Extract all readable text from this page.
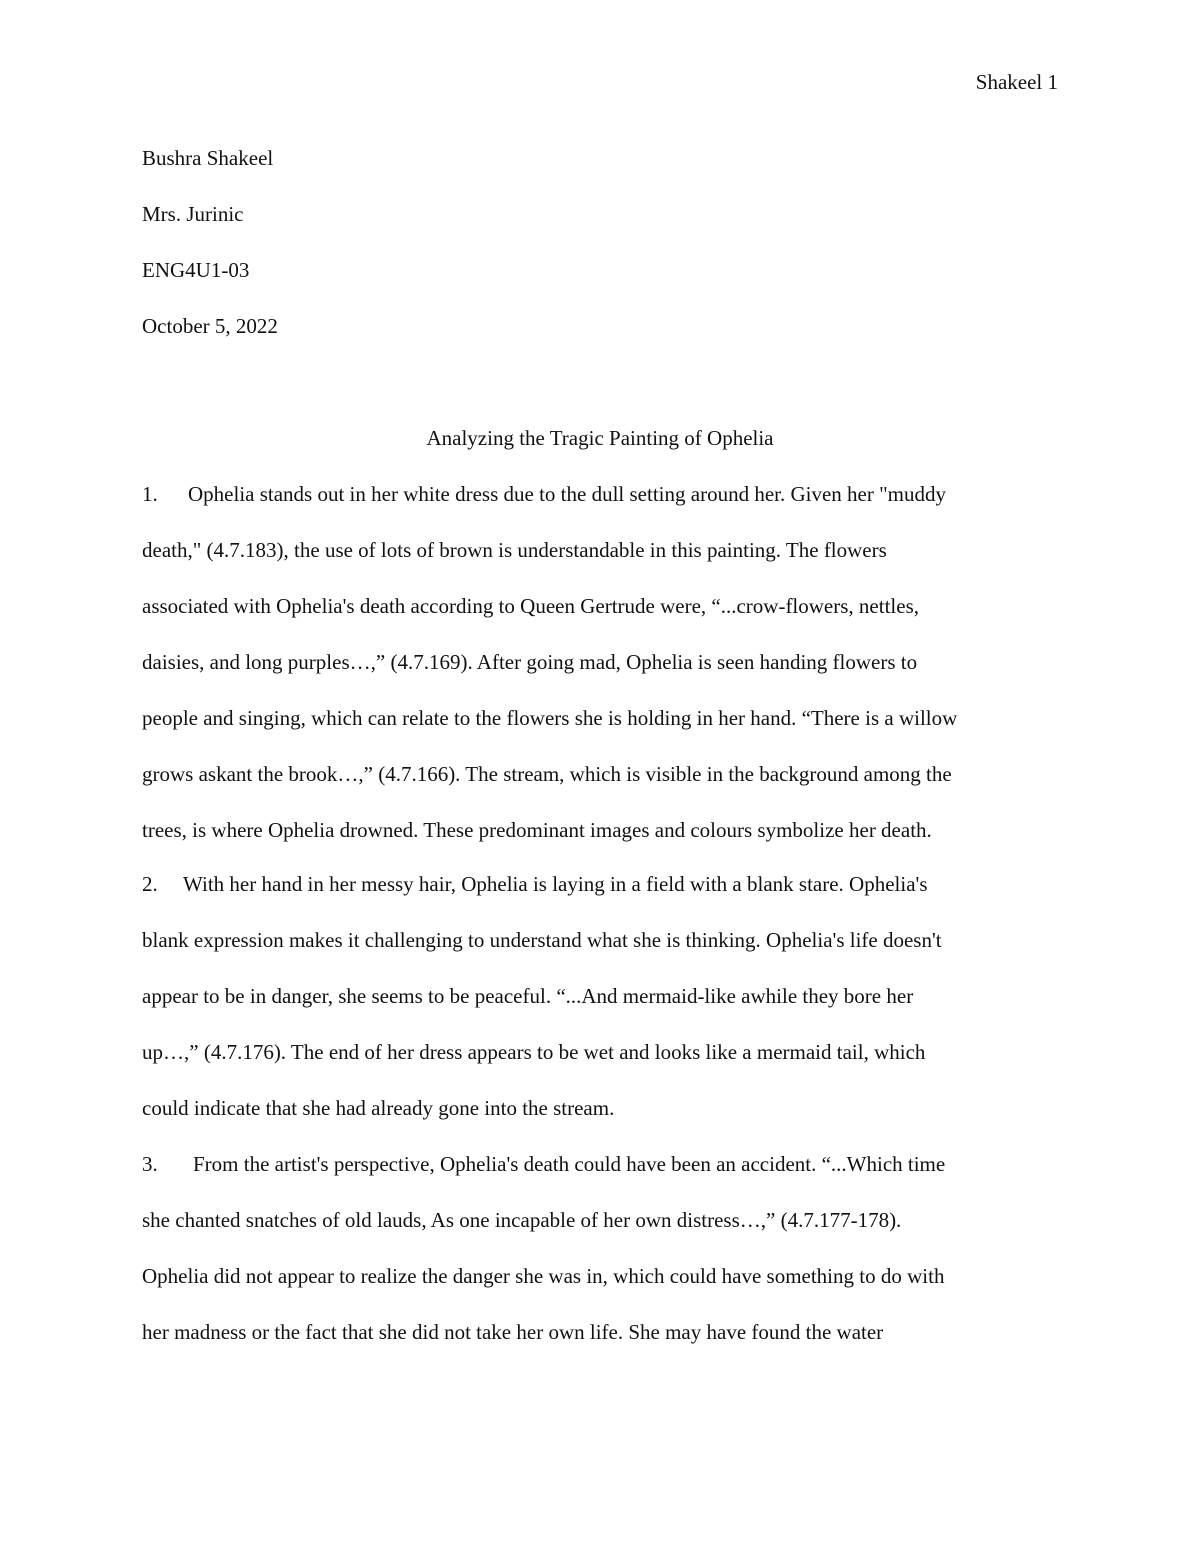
Shakeel 1
Bushra Shakeel
Mrs. Jurinic
ENG4U1-03
October 5, 2022
Analyzing the Tragic Painting of Ophelia
1. Ophelia stands out in her white dress due to the dull setting around her. Given her "muddy
death," (4.7.183), the use of lots of brown is understandable in this painting. The flowers
associated with Ophelia's death according to Queen Gertrude were, “...crow-flowers, nettles,
daisies, and long purples…,” (4.7.169). After going mad, Ophelia is seen handing flowers to
people and singing, which can relate to the flowers she is holding in her hand. “There is a willow
grows askant the brook…,” (4.7.166). The stream, which is visible in the background among the
trees, is where Ophelia drowned. These predominant images and colours symbolize her death.
2. With her hand in her messy hair, Ophelia is laying in a field with a blank stare. Ophelia's
blank expression makes it challenging to understand what she is thinking. Ophelia's life doesn't
appear to be in danger, she seems to be peaceful. “...And mermaid-like awhile they bore her
up…,” (4.7.176). The end of her dress appears to be wet and looks like a mermaid tail, which
could indicate that she had already gone into the stream.
3. From the artist's perspective, Ophelia's death could have been an accident. “...Which time
she chanted snatches of old lauds, As one incapable of her own distress…,” (4.7.177-178).
Ophelia did not appear to realize the danger she was in, which could have something to do with
her madness or the fact that she did not take her own life. She may have found the water
